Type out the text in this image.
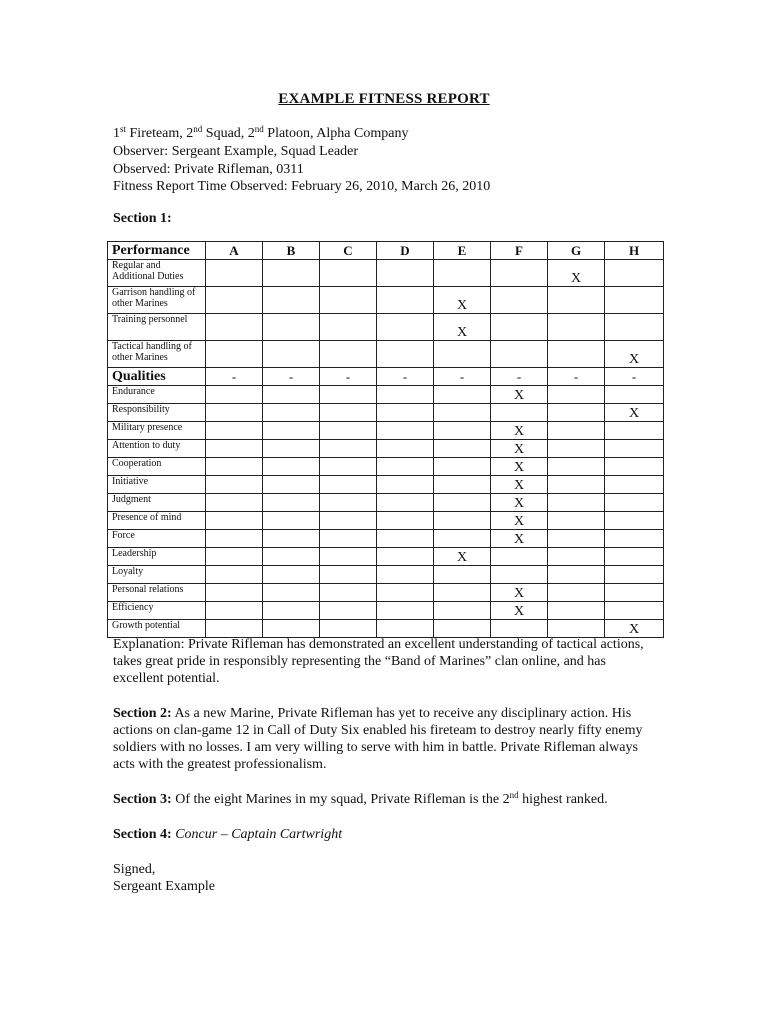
EXAMPLE FITNESS REPORT
1st Fireteam, 2nd Squad, 2nd Platoon, Alpha Company
Observer: Sergeant Example, Squad Leader
Observed: Private Rifleman, 0311
Fitness Report Time Observed: February 26, 2010, March 26, 2010
Section 1:
Performance	A	B	C	D	E	F	G	H
Regular and Additional Duties							X	
Garrison handling of other Marines					X			
Training personnel					X			
Tactical handling of other Marines								X
Qualities	-	-	-	-	-	-	-	-
Endurance						X		
Responsibility								X
Military presence						X		
Attention to duty						X		
Cooperation						X		
Initiative						X		
Judgment						X		
Presence of mind						X		
Force						X		
Leadership					X			
Loyalty								
Personal relations						X		
Efficiency						X		
Growth potential								X
Explanation: Private Rifleman has demonstrated an excellent understanding of tactical actions, takes great pride in responsibly representing the “Band of Marines” clan online, and has excellent potential.
Section 2: As a new Marine, Private Rifleman has yet to receive any disciplinary action. His actions on clan-game 12 in Call of Duty Six enabled his fireteam to destroy nearly fifty enemy soldiers with no losses. I am very willing to serve with him in battle. Private Rifleman always acts with the greatest professionalism.
Section 3: Of the eight Marines in my squad, Private Rifleman is the 2nd highest ranked.
Section 4: Concur – Captain Cartwright
Signed,
Sergeant Example
